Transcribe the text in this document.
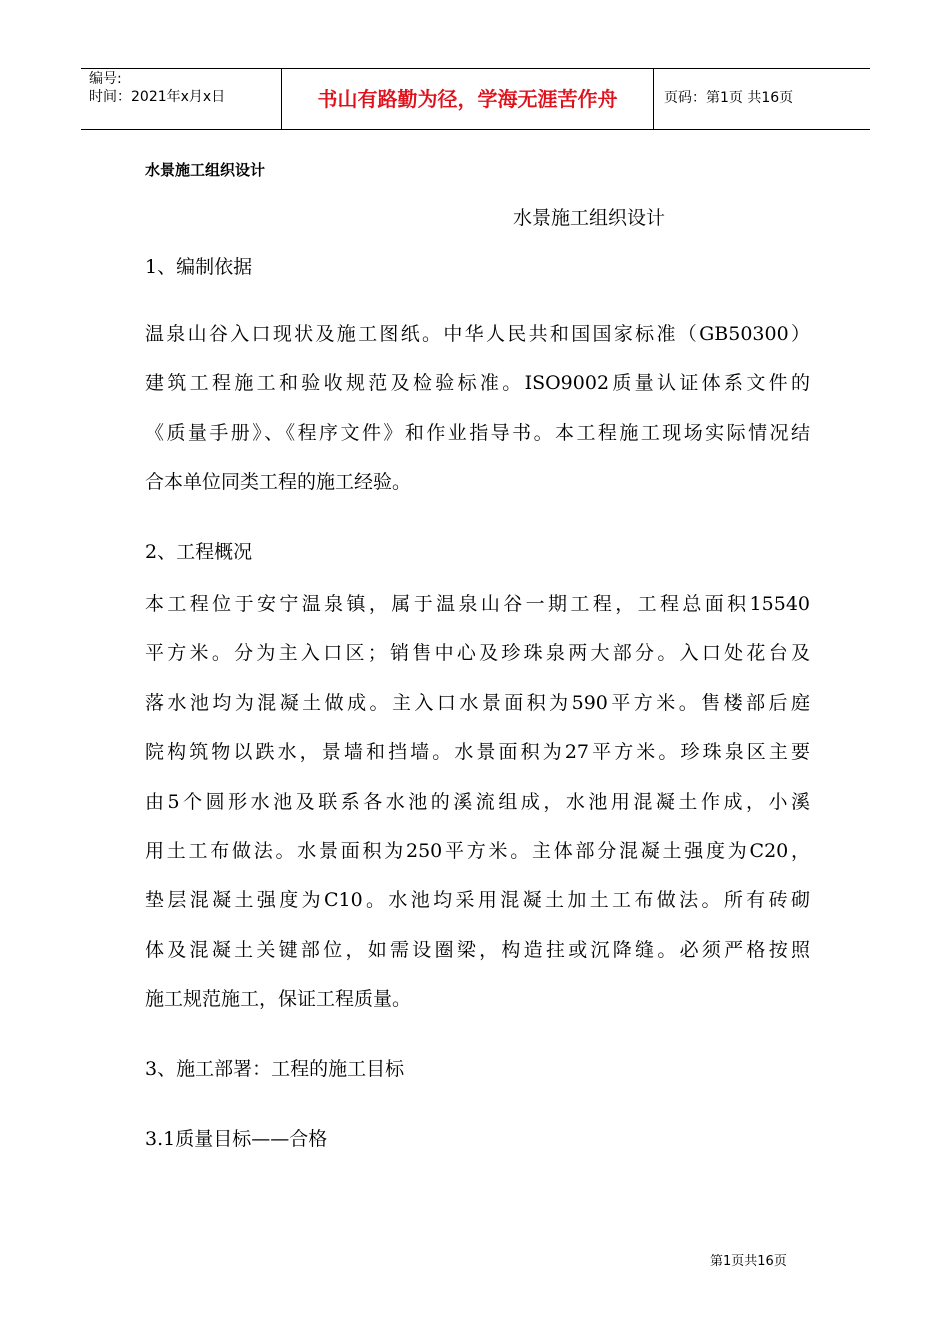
编号:
时间：2021年x月x日	书山有路勤为径，学海无涯苦作舟	页码：第1页 共16页
水景施工组织设计
水景施工组织设计
1、编制依据

温泉山谷入口现状及施工图纸。中华人民共和国国家标准（GB50300）
建筑工程施工和验收规范及检验标准。ISO9002质量认证体系文件的
《质量手册》、《程序文件》和作业指导书。本工程施工现场实际情况结
合本单位同类工程的施工经验。

2、工程概况

本工程位于安宁温泉镇，属于温泉山谷一期工程，工程总面积15540
平方米。分为主入口区；销售中心及珍珠泉两大部分。入口处花台及
落水池均为混凝土做成。主入口水景面积为590平方米。售楼部后庭
院构筑物以跌水，景墙和挡墙。水景面积为27平方米。珍珠泉区主要
由5个圆形水池及联系各水池的溪流组成，水池用混凝土作成，小溪
用土工布做法。水景面积为250平方米。主体部分混凝土强度为C20，
垫层混凝土强度为C10。水池均采用混凝土加土工布做法。所有砖砌
体及混凝土关键部位，如需设圈梁，构造拄或沉降缝。必须严格按照
施工规范施工，保证工程质量。

3、施工部署：工程的施工目标
3.1质量目标——合格
第1页共16页
